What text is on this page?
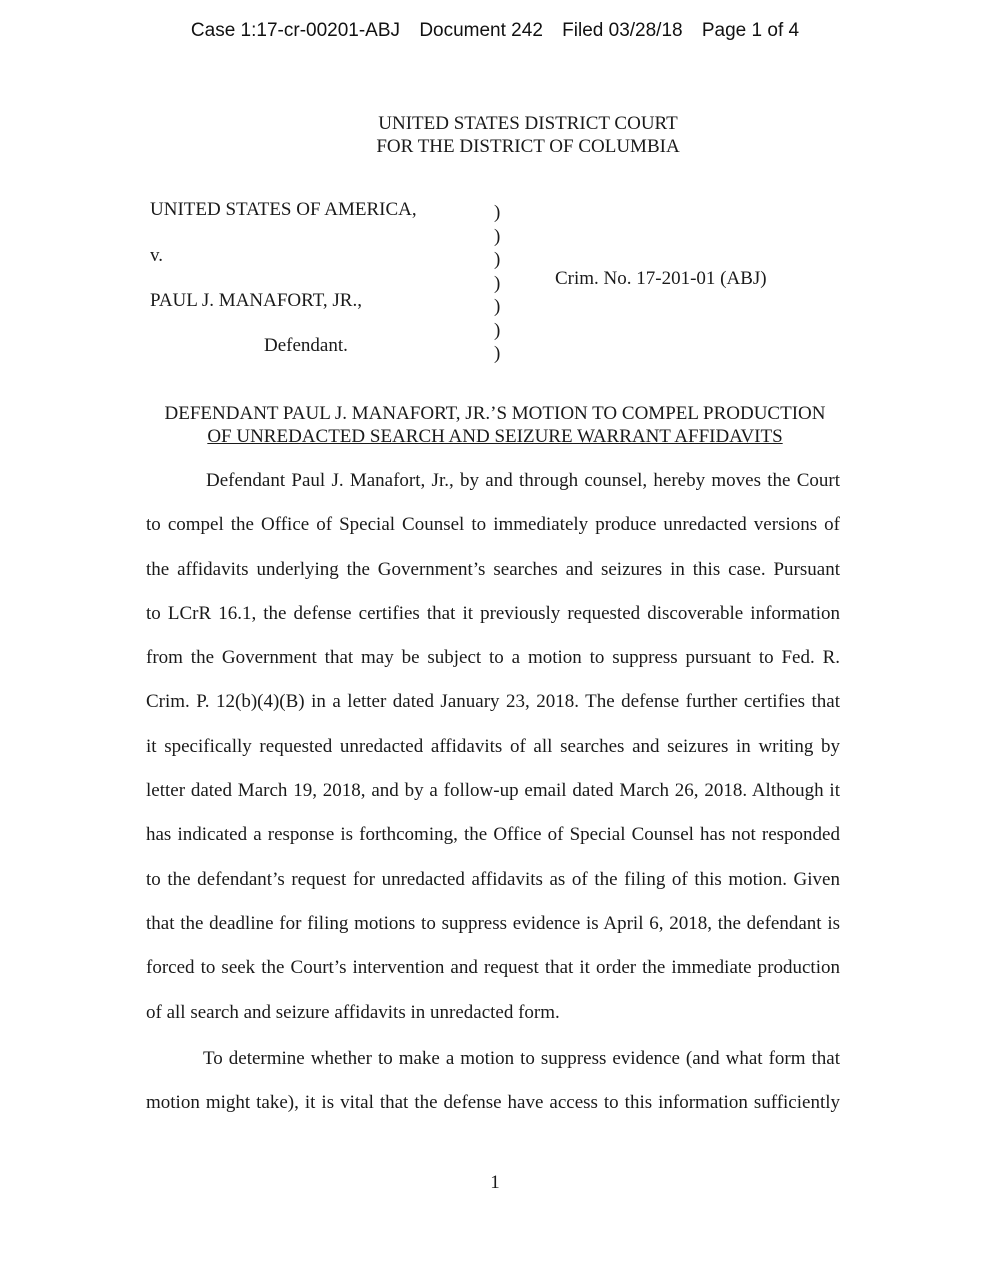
Case 1:17-cr-00201-ABJ Document 242 Filed 03/28/18 Page 1 of 4
UNITED STATES DISTRICT COURT
FOR THE DISTRICT OF COLUMBIA
UNITED STATES OF AMERICA,
v.
PAUL J. MANAFORT, JR.,
Defendant.
)
)
)
)
)
)
)
Crim. No. 17-201-01 (ABJ)
DEFENDANT PAUL J. MANAFORT, JR.’S MOTION TO COMPEL PRODUCTION
OF UNREDACTED SEARCH AND SEIZURE WARRANT AFFIDAVITS
Defendant Paul J. Manafort, Jr., by and through counsel, hereby moves the Court
to compel the Office of Special Counsel to immediately produce unredacted versions of
the affidavits underlying the Government’s searches and seizures in this case. Pursuant
to LCrR 16.1, the defense certifies that it previously requested discoverable information
from the Government that may be subject to a motion to suppress pursuant to Fed. R.
Crim. P. 12(b)(4)(B) in a letter dated January 23, 2018. The defense further certifies that
it specifically requested unredacted affidavits of all searches and seizures in writing by
letter dated March 19, 2018, and by a follow-up email dated March 26, 2018. Although it
has indicated a response is forthcoming, the Office of Special Counsel has not responded
to the defendant’s request for unredacted affidavits as of the filing of this motion. Given
that the deadline for filing motions to suppress evidence is April 6, 2018, the defendant is
forced to seek the Court’s intervention and request that it order the immediate production
of all search and seizure affidavits in unredacted form.
To determine whether to make a motion to suppress evidence (and what form that
motion might take), it is vital that the defense have access to this information sufficiently
1
